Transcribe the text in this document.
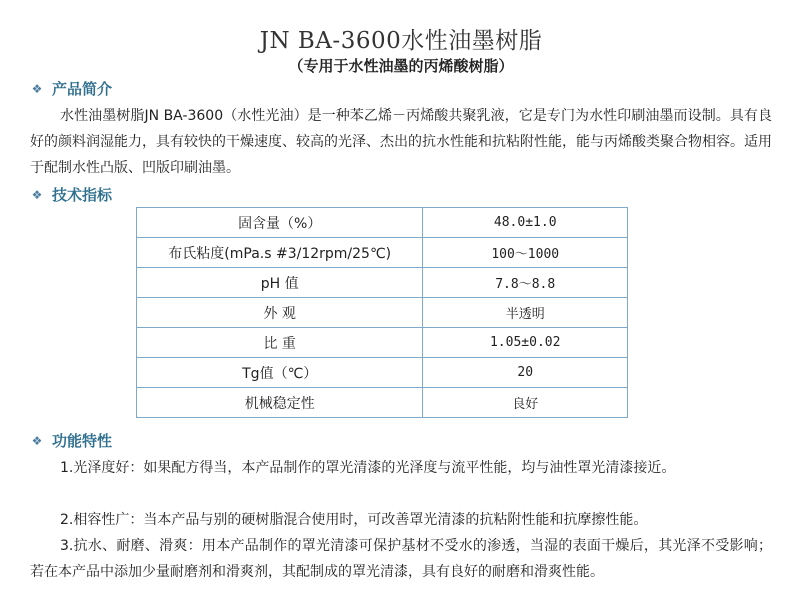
JN BA-3600水性油墨树脂
（专用于水性油墨的丙烯酸树脂）
❖ 产品简介
水性油墨树脂JN BA-3600（水性光油）是一种苯乙烯－丙烯酸共聚乳液，它是专门为水性印刷油墨而设制。具有良好的颜料润湿能力，具有较快的干燥速度、较高的光泽、杰出的抗水性能和抗粘附性能，能与丙烯酸类聚合物相容。适用于配制水性凸版、凹版印刷油墨。
❖ 技术指标
固含量（%）	48.0±1.0
布氏粘度(mPa.s #3/12rpm/25℃)	100～1000
pH 值	7.8～8.8
外 观	半透明
比 重	1.05±0.02
Tg值（℃）	20
机械稳定性	良好
❖ 功能特性
1.光泽度好：如果配方得当，本产品制作的罩光清漆的光泽度与流平性能，均与油性罩光清漆接近。
2.相容性广：当本产品与别的硬树脂混合使用时，可改善罩光清漆的抗粘附性能和抗摩擦性能。
3.抗水、耐磨、滑爽：用本产品制作的罩光清漆可保护基材不受水的渗透，当湿的表面干燥后，其光泽不受影响；若在本产品中添加少量耐磨剂和滑爽剂，其配制成的罩光清漆，具有良好的耐磨和滑爽性能。
